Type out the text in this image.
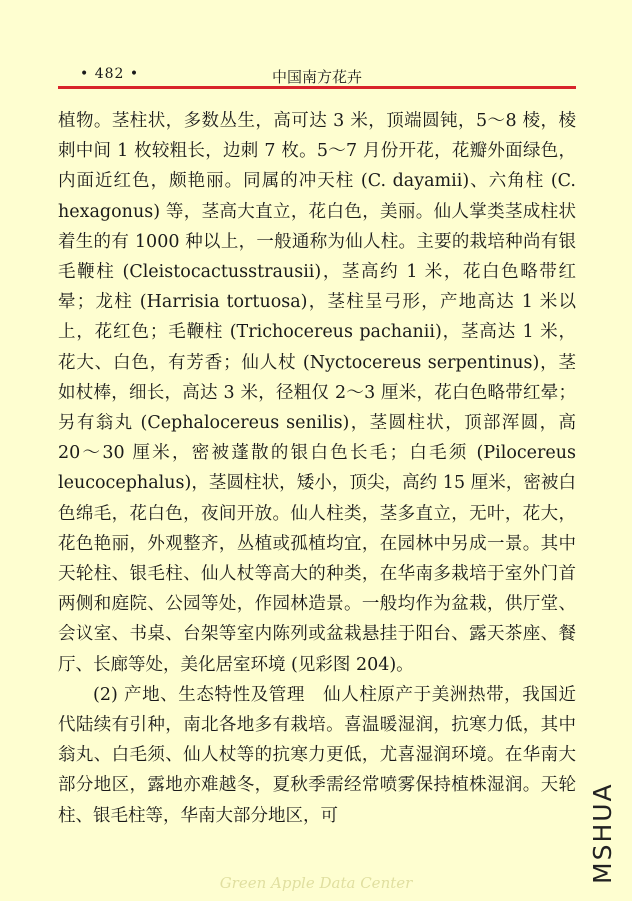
• 482 •	中国南方花卉

植物。茎柱状，多数丛生，高可达 3 米，顶端圆钝，5～8 棱，棱刺中间 1 枚较粗长，边刺 7 枚。5～7 月份开花，花瓣外面绿色，内面近红色，颇艳丽。同属的冲天柱 (C. dayamii)、六角柱 (C. hexagonus) 等，茎高大直立，花白色，美丽。仙人掌类茎成柱状着生的有 1000 种以上，一般通称为仙人柱。主要的栽培种尚有银毛鞭柱 (Cleistocactusstrausii)，茎高约 1 米，花白色略带红晕；龙柱 (Harrisia tortuosa)，茎柱呈弓形，产地高达 1 米以上，花红色；毛鞭柱 (Trichocereus pachanii)，茎高达 1 米，花大、白色，有芳香；仙人杖 (Nyctocereus serpentinus)，茎如杖棒，细长，高达 3 米，径粗仅 2～3 厘米，花白色略带红晕；另有翁丸 (Cephalocereus senilis)，茎圆柱状，顶部浑圆，高 20～30 厘米，密被蓬散的银白色长毛；白毛须 (Pilocereus leucocephalus)，茎圆柱状，矮小，顶尖，高约 15 厘米，密被白色绵毛，花白色，夜间开放。仙人柱类，茎多直立，无叶，花大，花色艳丽，外观整齐，丛植或孤植均宜，在园林中另成一景。其中天轮柱、银毛柱、仙人杖等高大的种类，在华南多栽培于室外门首两侧和庭院、公园等处，作园林造景。一般均作为盆栽，供厅堂、会议室、书桌、台架等室内陈列或盆栽悬挂于阳台、露天茶座、餐厅、长廊等处，美化居室环境 (见彩图 204)。

(2) 产地、生态特性及管理　仙人柱原产于美洲热带，我国近代陆续有引种，南北各地多有栽培。喜温暖湿润，抗寒力低，其中翁丸、白毛须、仙人杖等的抗寒力更低，尤喜湿润环境。在华南大部分地区，露地亦难越冬，夏秋季需经常喷雾保持植株湿润。天轮柱、银毛柱等，华南大部分地区，可

Green Apple Data Center	MSHUA
